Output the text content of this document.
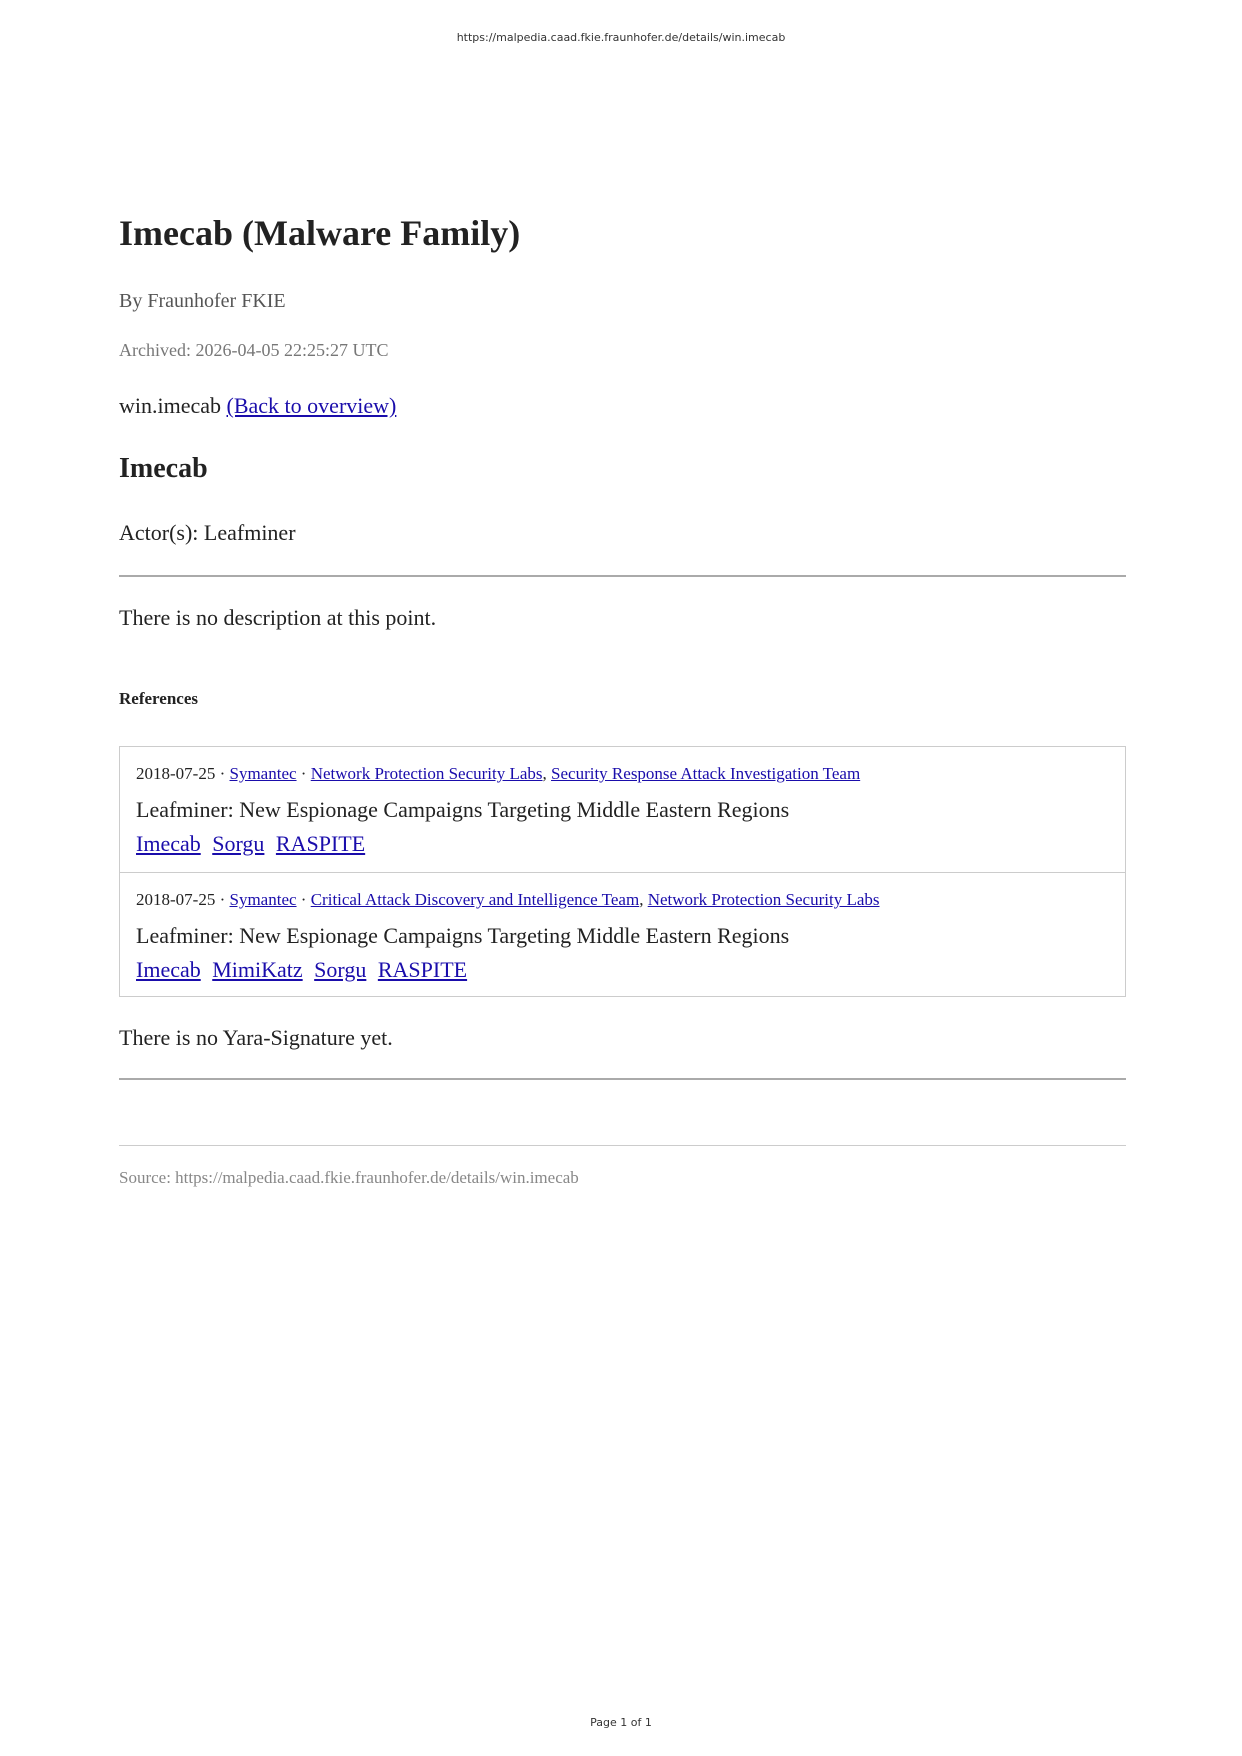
https://malpedia.caad.fkie.fraunhofer.de/details/win.imecab
Imecab (Malware Family)
By Fraunhofer FKIE
Archived: 2026-04-05 22:25:27 UTC
win.imecab (Back to overview)
Imecab
Actor(s): Leafminer
There is no description at this point.
References
2018-07-25 · Symantec · Network Protection Security Labs, Security Response Attack Investigation Team
Leafminer: New Espionage Campaigns Targeting Middle Eastern Regions
Imecab Sorgu RASPITE
2018-07-25 · Symantec · Critical Attack Discovery and Intelligence Team, Network Protection Security Labs
Leafminer: New Espionage Campaigns Targeting Middle Eastern Regions
Imecab MimiKatz Sorgu RASPITE
There is no Yara-Signature yet.
Source: https://malpedia.caad.fkie.fraunhofer.de/details/win.imecab
Page 1 of 1
